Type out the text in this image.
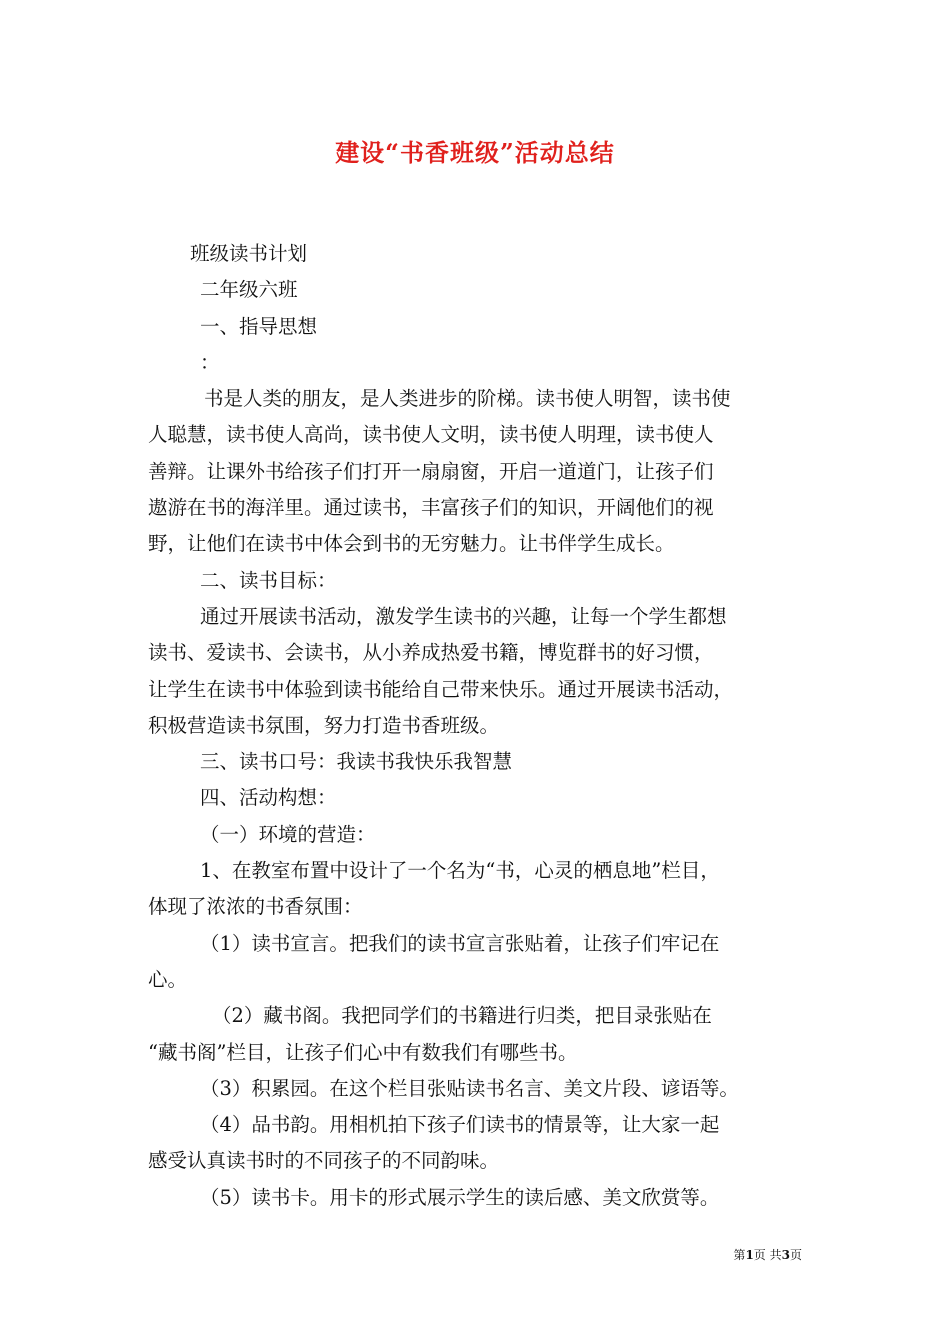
建设“书香班级”活动总结
班级读书计划
二年级六班
一、指导思想
：
书是人类的朋友，是人类进步的阶梯。读书使人明智，读书使
人聪慧，读书使人高尚，读书使人文明，读书使人明理，读书使人
善辩。让课外书给孩子们打开一扇扇窗，开启一道道门，让孩子们
遨游在书的海洋里。通过读书，丰富孩子们的知识，开阔他们的视
野，让他们在读书中体会到书的无穷魅力。让书伴学生成长。
二、读书目标：
通过开展读书活动，激发学生读书的兴趣，让每一个学生都想
读书、爱读书、会读书，从小养成热爱书籍，博览群书的好习惯，
让学生在读书中体验到读书能给自己带来快乐。通过开展读书活动，
积极营造读书氛围，努力打造书香班级。
三、读书口号：我读书我快乐我智慧
四、活动构想：
（一）环境的营造：
1、在教室布置中设计了一个名为“书，心灵的栖息地”栏目，
体现了浓浓的书香氛围：
（1）读书宣言。把我们的读书宣言张贴着，让孩子们牢记在
心。
（2）藏书阁。我把同学们的书籍进行归类，把目录张贴在
“藏书阁”栏目，让孩子们心中有数我们有哪些书。
（3）积累园。在这个栏目张贴读书名言、美文片段、谚语等。
（4）品书韵。用相机拍下孩子们读书的情景等，让大家一起
感受认真读书时的不同孩子的不同韵味。
（5）读书卡。用卡的形式展示学生的读后感、美文欣赏等。
第1页 共3页
